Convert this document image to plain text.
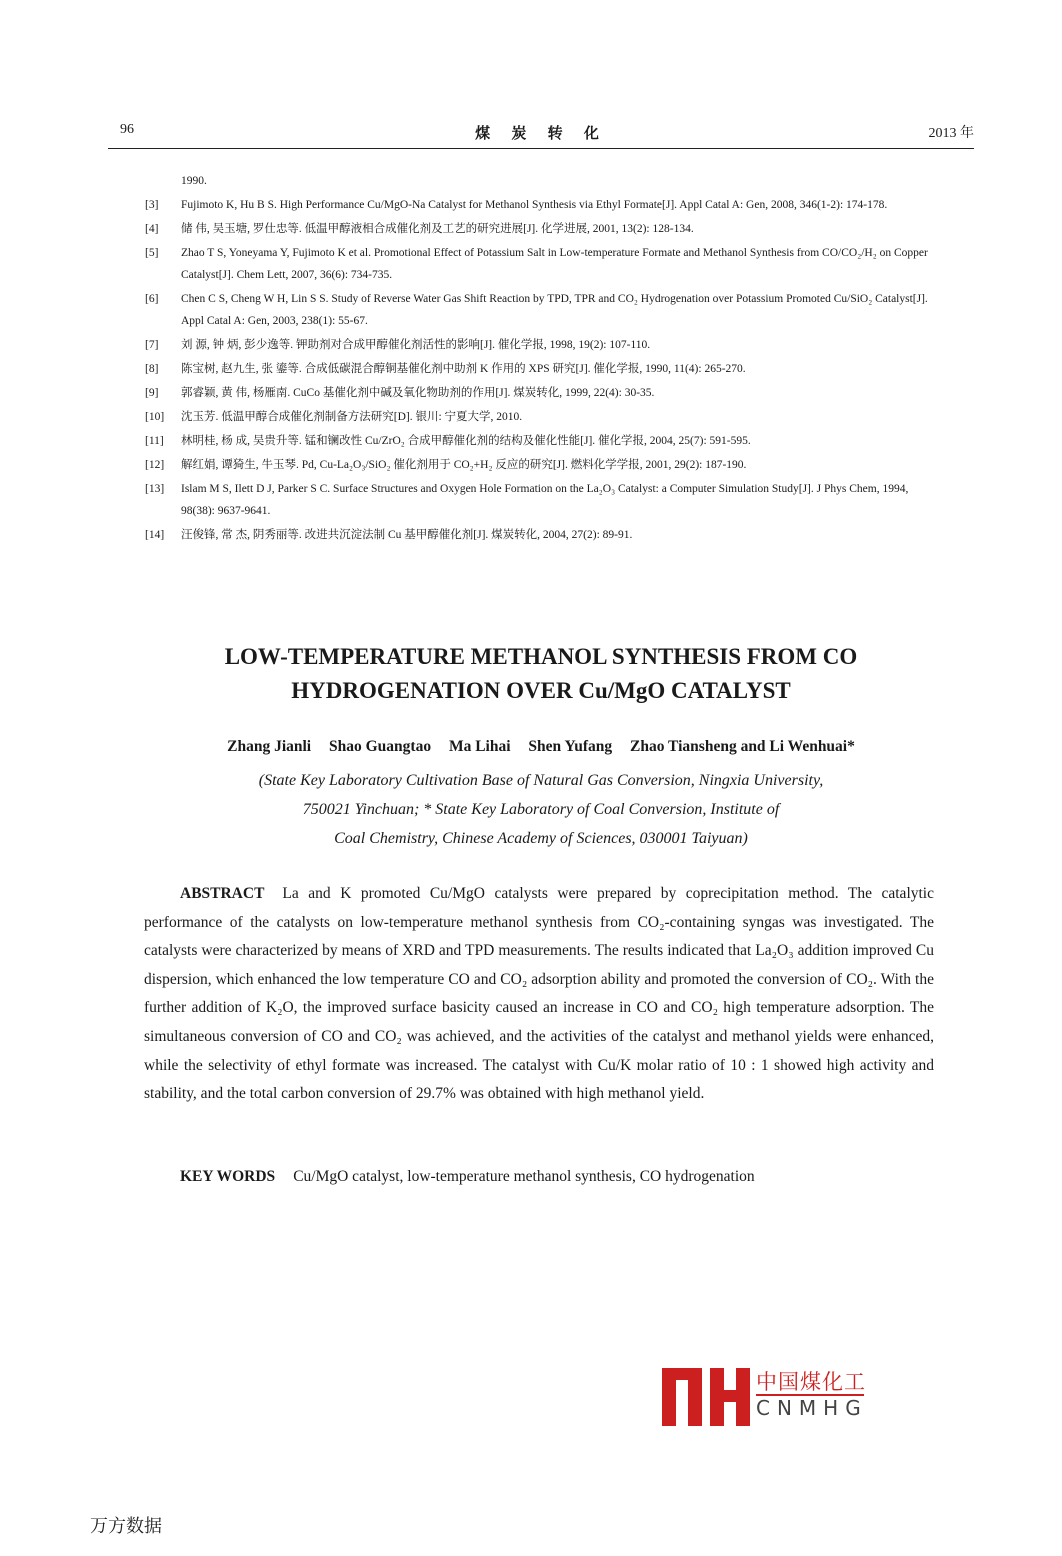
96	煤 炭 转 化	2013 年
1990.
[3] Fujimoto K, Hu B S. High Performance Cu/MgO-Na Catalyst for Methanol Synthesis via Ethyl Formate[J]. Appl Catal A: Gen, 2008, 346(1-2): 174-178.
[4] 储 伟, 吴玉塘, 罗仕忠等. 低温甲醇液相合成催化剂及工艺的研究进展[J]. 化学进展, 2001, 13(2): 128-134.
[5] Zhao T S, Yoneyama Y, Fujimoto K et al. Promotional Effect of Potassium Salt in Low-temperature Formate and Methanol Synthesis from CO/CO₂/H₂ on Copper Catalyst[J]. Chem Lett, 2007, 36(6): 734-735.
[6] Chen C S, Cheng W H, Lin S S. Study of Reverse Water Gas Shift Reaction by TPD, TPR and CO₂ Hydrogenation over Potassium Promoted Cu/SiO₂ Catalyst[J]. Appl Catal A: Gen, 2003, 238(1): 55-67.
[7] 刘 源, 钟 炳, 彭少逸等. 钾助剂对合成甲醇催化剂活性的影响[J]. 催化学报, 1998, 19(2): 107-110.
[8] 陈宝树, 赵九生, 张 鎏等. 合成低碳混合醇铜基催化剂中助剂 K 作用的 XPS 研究[J]. 催化学报, 1990, 11(4): 265-270.
[9] 郭睿颖, 黄 伟, 杨雁南. CuCo 基催化剂中碱及氧化物助剂的作用[J]. 煤炭转化, 1999, 22(4): 30-35.
[10] 沈玉芳. 低温甲醇合成催化剂制备方法研究[D]. 银川: 宁夏大学, 2010.
[11] 林明桂, 杨 成, 吴贵升等. 锰和镧改性 Cu/ZrO₂ 合成甲醇催化剂的结构及催化性能[J]. 催化学报, 2004, 25(7): 591-595.
[12] 解红娟, 谭猗生, 牛玉琴. Pd, Cu-La₂O₃/SiO₂ 催化剂用于 CO₂+H₂ 反应的研究[J]. 燃料化学学报, 2001, 29(2): 187-190.
[13] Islam M S, Ilett D J, Parker S C. Surface Structures and Oxygen Hole Formation on the La₂O₃ Catalyst: a Computer Simulation Study[J]. J Phys Chem, 1994, 98(38): 9637-9641.
[14] 汪俊锋, 常 杰, 阴秀丽等. 改进共沉淀法制 Cu 基甲醇催化剂[J]. 煤炭转化, 2004, 27(2): 89-91.
LOW-TEMPERATURE METHANOL SYNTHESIS FROM CO
HYDROGENATION OVER Cu/MgO CATALYST
Zhang Jianli Shao Guangtao Ma Lihai Shen Yufang Zhao Tiansheng and Li Wenhuai*
(State Key Laboratory Cultivation Base of Natural Gas Conversion, Ningxia University,
750021 Yinchuan; * State Key Laboratory of Coal Conversion, Institute of
Coal Chemistry, Chinese Academy of Sciences, 030001 Taiyuan)
ABSTRACT La and K promoted Cu/MgO catalysts were prepared by coprecipitation method. The catalytic performance of the catalysts on low-temperature methanol synthesis from CO₂-containing syngas was investigated. The catalysts were characterized by means of XRD and TPD measurements. The results indicated that La₂O₃ addition improved Cu dispersion, which enhanced the low temperature CO and CO₂ adsorption ability and promoted the conversion of CO₂. With the further addition of K₂O, the improved surface basicity caused an increase in CO and CO₂ high temperature adsorption. The simultaneous conversion of CO and CO₂ was achieved, and the activities of the catalyst and methanol yields were enhanced, while the selectivity of ethyl formate was increased. The catalyst with Cu/K molar ratio of 10 : 1 showed high activity and stability, and the total carbon conversion of 29.7% was obtained with high methanol yield.
KEY WORDS Cu/MgO catalyst, low-temperature methanol synthesis, CO hydrogenation
中国煤化工
CNMHG
万方数据
